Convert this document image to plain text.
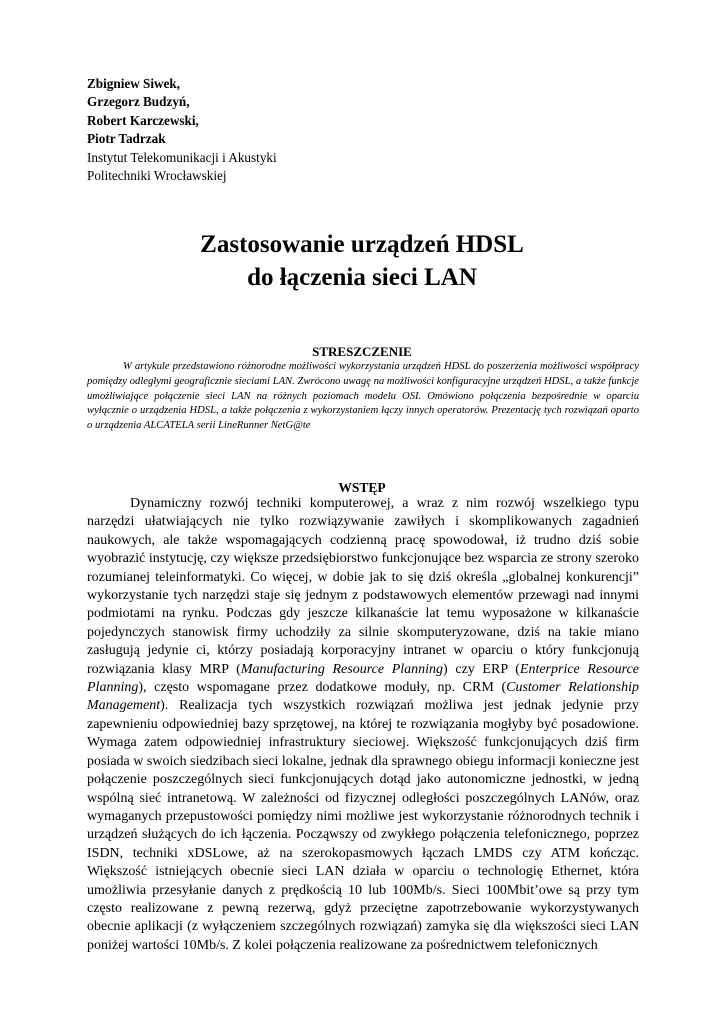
Zbigniew Siwek,
Grzegorz Budzyń,
Robert Karczewski,
Piotr Tadrzak
Instytut Telekomunikacji i Akustyki
Politechniki Wrocławskiej
Zastosowanie urządzeń HDSL
do łączenia sieci LAN
STRESZCZENIE
W artykule przedstawiono różnorodne możliwości wykorzystania urządzeń HDSL do poszerzenia możliwości współpracy pomiędzy odległymi geograficznie sieciami LAN. Zwrócono uwagę na możliwości konfiguracyjne urządzeń HDSL, a także funkcje umożliwiające połączenie sieci LAN na różnych poziomach modelu OSI. Omówiono połączenia bezpośrednie w oparciu wyłącznie o urządzenia HDSL, a także połączenia z wykorzystaniem łączy innych operatorów. Prezentację tych rozwiązań oparto o urządzenia ALCATELA serii LineRunner NetG@te
WSTĘP
Dynamiczny rozwój techniki komputerowej, a wraz z nim rozwój wszelkiego typu narzędzi ułatwiających nie tylko rozwiązywanie zawiłych i skomplikowanych zagadnień naukowych, ale także wspomagających codzienną pracę spowodował, iż trudno dziś sobie wyobrazić instytucję, czy większe przedsiębiorstwo funkcjonujące bez wsparcia ze strony szeroko rozumianej teleinformatyki. Co więcej, w dobie jak to się dziś określa „globalnej konkurencji” wykorzystanie tych narzędzi staje się jednym z podstawowych elementów przewagi nad innymi podmiotami na rynku. Podczas gdy jeszcze kilkanaście lat temu wyposażone w kilkanaście pojedynczych stanowisk firmy uchodziły za silnie skomputeryzowane, dziś na takie miano zasługują jedynie ci, którzy posiadają korporacyjny intranet w oparciu o który funkcjonują rozwiązania klasy MRP (Manufacturing Resource Planning) czy ERP (Enterprice Resource Planning), często wspomagane przez dodatkowe moduły, np. CRM (Customer Relationship Management). Realizacja tych wszystkich rozwiązań możliwa jest jednak jedynie przy zapewnieniu odpowiedniej bazy sprzętowej, na której te rozwiązania mogłyby być posadowione. Wymaga zatem odpowiedniej infrastruktury sieciowej. Większość funkcjonujących dziś firm posiada w swoich siedzibach sieci lokalne, jednak dla sprawnego obiegu informacji konieczne jest połączenie poszczególnych sieci funkcjonujących dotąd jako autonomiczne jednostki, w jedną wspólną sieć intranetową. W zależności od fizycznej odległości poszczególnych LANów, oraz wymaganych przepustowości pomiędzy nimi możliwe jest wykorzystanie różnorodnych technik i urządzeń służących do ich łączenia. Począwszy od zwykłego połączenia telefonicznego, poprzez ISDN, techniki xDSLowe, aż na szerokopasmowych łączach LMDS czy ATM kończąc. Większość istniejących obecnie sieci LAN działa w oparciu o technologię Ethernet, która umożliwia przesyłanie danych z prędkością 10 lub 100Mb/s. Sieci 100Mbit’owe są przy tym często realizowane z pewną rezerwą, gdyż przeciętne zapotrzebowanie wykorzystywanych obecnie aplikacji (z wyłączeniem szczególnych rozwiązań) zamyka się dla większości sieci LAN poniżej wartości 10Mb/s. Z kolei połączenia realizowane za pośrednictwem telefonicznych
